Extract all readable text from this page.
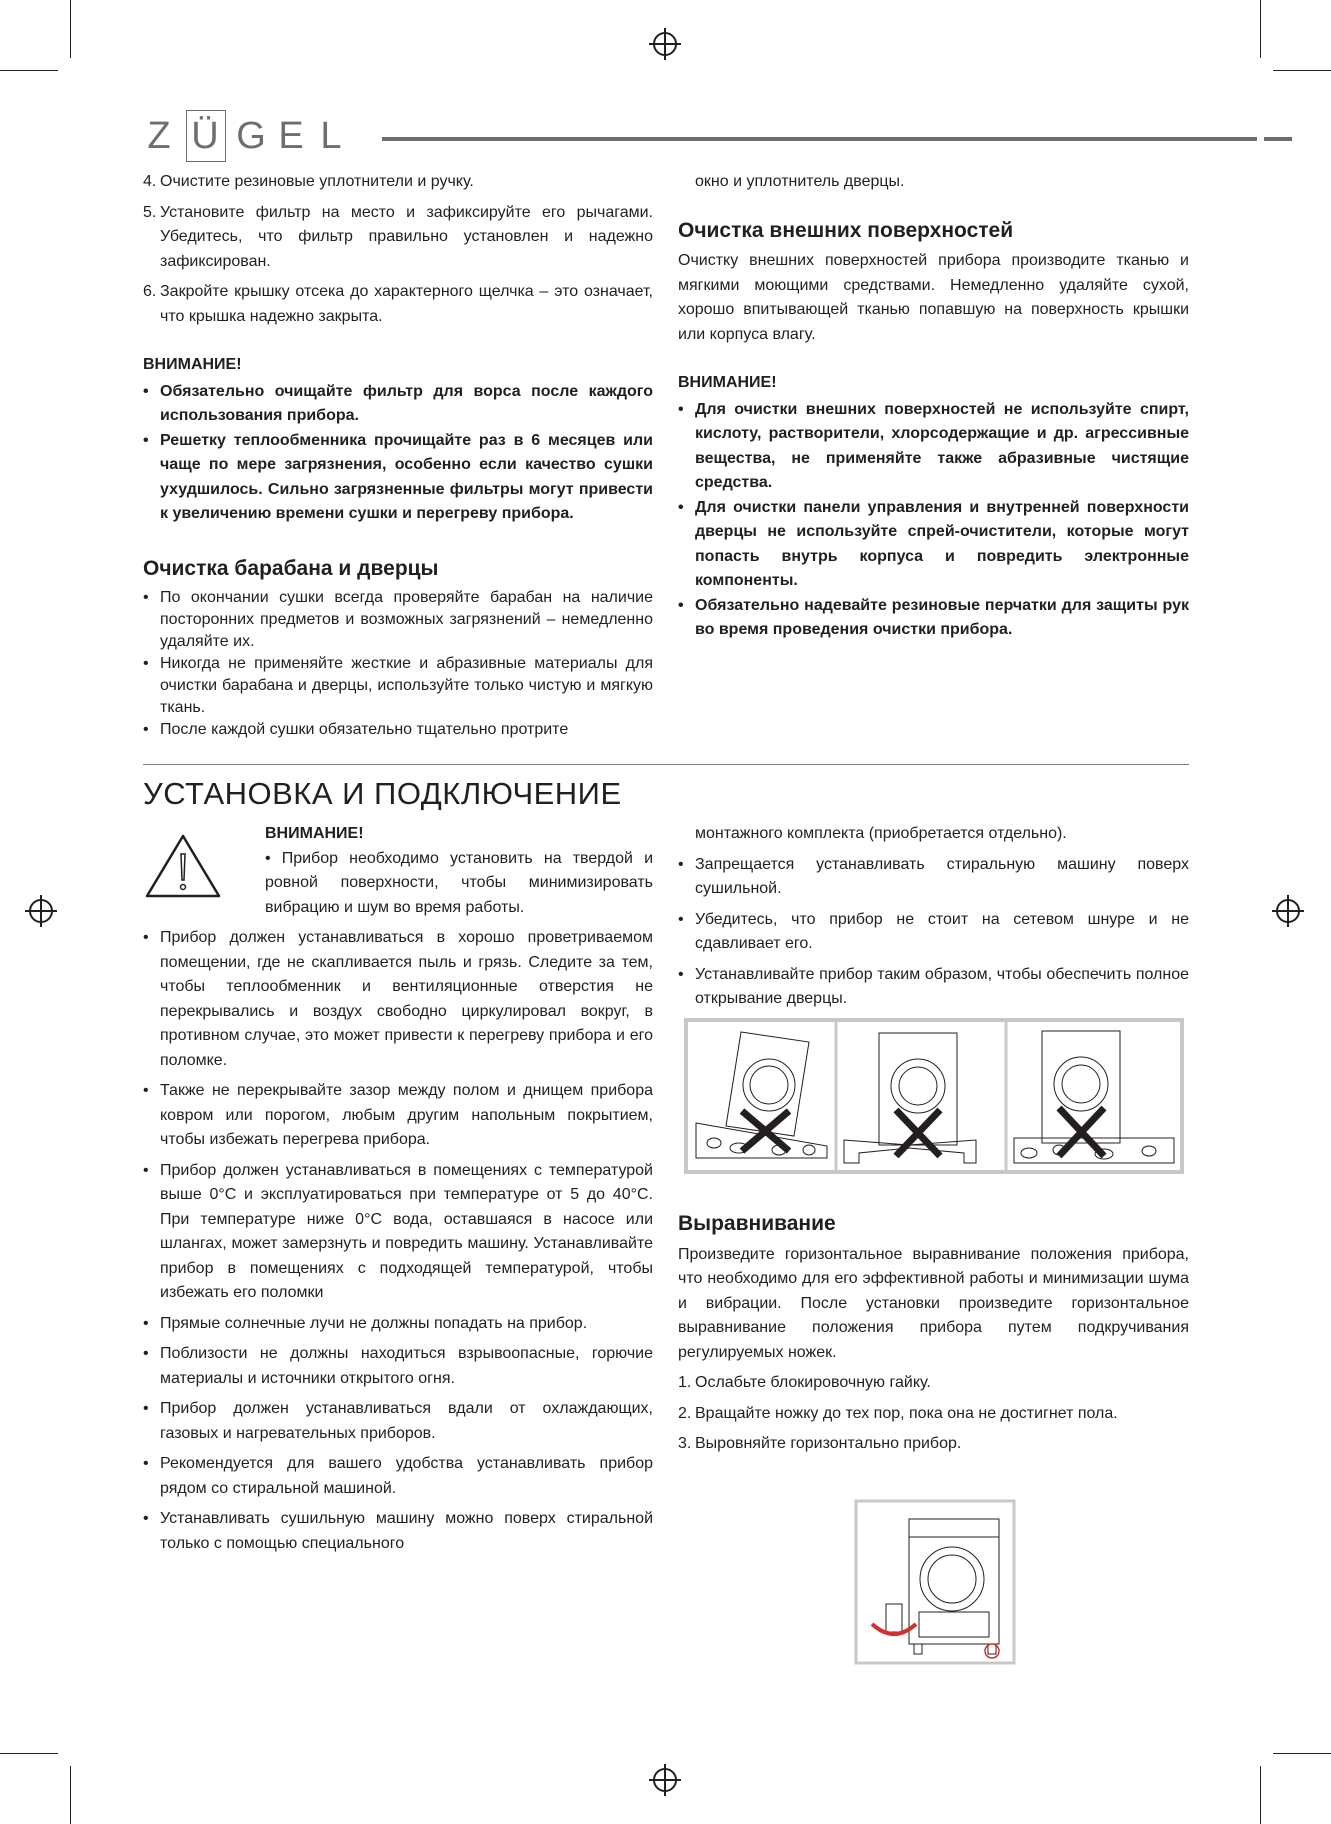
Z Ü G E L
4. Очистите резиновые уплотнители и ручку.
5. Установите фильтр на место и зафиксируйте его рычагами. Убедитесь, что фильтр правильно установлен и надежно зафиксирован.
6. Закройте крышку отсека до характерного щелчка – это означает, что крышка надежно закрыта.
ВНИМАНИЕ!
• Обязательно очищайте фильтр для ворса после каждого использования прибора.
• Решетку теплообменника прочищайте раз в 6 месяцев или чаще по мере загрязнения, особенно если качество сушки ухудшилось. Сильно загрязненные фильтры могут привести к увеличению времени сушки и перегреву прибора.
Очистка барабана и дверцы
• По окончании сушки всегда проверяйте барабан на наличие посторонних предметов и возможных загрязнений – немедленно удаляйте их.
• Никогда не применяйте жесткие и абразивные материалы для очистки барабана и дверцы, используйте только чистую и мягкую ткань.
• После каждой сушки обязательно тщательно протрите

окно и уплотнитель дверцы.

Очистка внешних поверхностей

Очистку внешних поверхностей прибора производите тканью и мягкими моющими средствами. Немедленно удаляйте сухой, хорошо впитывающей тканью попавшую на поверхность крышки или корпуса влагу.

ВНИМАНИЕ!
• Для очистки внешних поверхностей не используйте спирт, кислоту, растворители, хлорсодержащие и др. агрессивные вещества, не применяйте также абразивные чистящие средства.
• Для очистки панели управления и внутренней поверхности дверцы не используйте спрей-очистители, которые могут попасть внутрь корпуса и повредить электронные компоненты.
• Обязательно надевайте резиновые перчатки для защиты рук во время проведения очистки прибора.
УСТАНОВКА И ПОДКЛЮЧЕНИЕ
ВНИМАНИЕ!

• Прибор необходимо установить на твердой и ровной поверхности, чтобы минимизировать вибрацию и шум во время работы.

• Прибор должен устанавливаться в хорошо проветриваемом помещении, где не скапливается пыль и грязь. Следите за тем, чтобы теплообменник и вентиляционные отверстия не перекрывались и воздух свободно циркулировал вокруг, в противном случае, это может привести к перегреву прибора и его поломке.
• Также не перекрывайте зазор между полом и днищем прибора ковром или порогом, любым другим напольным покрытием, чтобы избежать перегрева прибора.
• Прибор должен устанавливаться в помещениях с температурой выше 0°С и эксплуатироваться при температуре от 5 до 40°С. При температуре ниже 0°С вода, оставшаяся в насосе или шлангах, может замерзнуть и повредить машину. Устанавливайте прибор в помещениях с подходящей температурой, чтобы избежать его поломки
• Прямые солнечные лучи не должны попадать на прибор.
• Поблизости не должны находиться взрывоопасные, горючие материалы и источники открытого огня.
• Прибор должен устанавливаться вдали от охлаждающих, газовых и нагревательных приборов.
• Рекомендуется для вашего удобства устанавливать прибор рядом со стиральной машиной.
• Устанавливать сушильную машину можно поверх стиральной только с помощью специального

монтажного комплекта (приобретается отдельно).

• Запрещается устанавливать стиральную машину поверх сушильной.
• Убедитесь, что прибор не стоит на сетевом шнуре и не сдавливает его.
• Устанавливайте прибор таким образом, чтобы обеспечить полное открывание дверцы.
Выравнивание

Произведите горизонтальное выравнивание положения прибора, что необходимо для его эффективной работы и минимизации шума и вибрации. После установки произведите горизонтальное выравнивание положения прибора путем подкручивания регулируемых ножек.

1. Ослабьте блокировочную гайку.
2. Вращайте ножку до тех пор, пока она не достигнет пола.
3. Выровняйте горизонтально прибор.
